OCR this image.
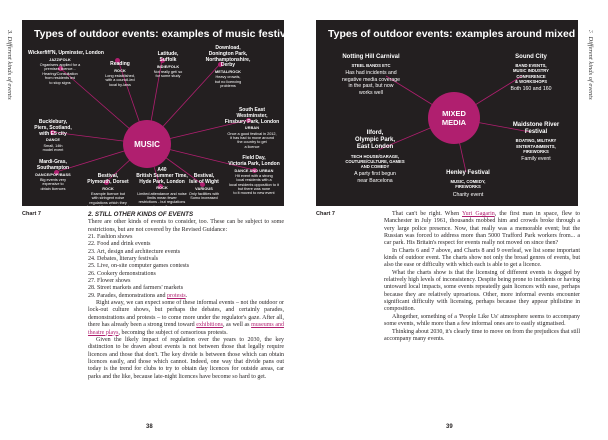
3. Different kinds of events Types of outdoor events: examples of music festivals
MUSIC
Wickerfiff'N, Upminster, London
JAZZ/FOLK
Organisers applied for a
premises licence...
Hearing/Consultation
from residents led
to stop signs
Reading
ROCK
Long established,
with a council-led
local by-laws
Latitude,
Suffolk
INDIE/FOLK
Not really get/ so
for some study
Download,
Donington Park,
Northamptonshire,
Derby
METAL/ROCK
Heavy crowds,
but no licencing
problems
South East
Westminster,
Finsbury Park, London
URBAN
Once a good festival in 2012,
it has had to move around
the country to get
a licence
Field Day,
Victoria Park, London
DANCE AND URBAN
Hit event with a strong
local residents with a
local residents opposition to it
but there was none
to it moved to new event
Bestival,
Isle of Wight
VARIOUS
Only facilities with
Somo increased
A40
British Summer Time,
Hyde Park, London
ROCK
Limited attendance and noise
limits mean fewer
restrictions - but regulations
get more fierce
Bestival,
Plymouth, Dorset
ROCK
Example licence but
with stringent noise
regulations which they
learned they do not meet
Mardi-Gras,
Southampton
DANCE/POP/BASS
Big events very
expensive to
obtain licences
Bucklebury,
Piers, Scotland,
with E5 city
DANCE
Small, 14th
model event
Chart 7	2. STILL OTHER KINDS OF EVENTS

There are other kinds of events to consider, too. These can be subject to some restrictions, but are not covered by the Revised Guidance:

21. Fashion shows
22. Food and drink events
23. Art, design and architecture events
24. Debates, literary festivals
25. Live, on-site computer games contests
26. Cookery demonstrations
27. Flower shows
28. Street markets and farmers' markets
29. Parades, demonstrations and protests.

Right away, we can expect some of these informal events – not the outdoor or lock-out culture shows, but perhaps the debates, and certainly parades, demonstrations and protests – to come more under the regulator's gaze. After all, there has already been a strong trend toward exhibitions, as well as museums and theatre plays, becoming the subject of censorious protests.

Given the likely impact of regulation over the years to 2030, the key distinction to be drawn about events is not between those that legally require licences and those that don't. The key divide is between those which can obtain licences easily, and those which cannot. Indeed, one way that divide pans out today is the trend for clubs to try to obtain day licences for outside areas, car parks and the like, because late-night licences have become so hard to get.

38
3. Different kinds of events
Types of outdoor events: examples around mixed media
MIXED
MEDIA
Notting Hill Carnival
STEEL BANDS ETC
Has had incidents and
negative media coverage
in the past, but now
works well
Sound City
BAND EVENTS,
MUSIC INDUSTRY
CONFERENCE
& WORKSHOPS
Both 160 and 160
Maidstone River
Festival
BOATING, MILITARY
ENTERTAINMENTS,
FIREWORKS
Family event
Henley Festival
MUSIC, COMEDY,
FIREWORKS
Charity event
Ilford,
Olympic Park,
East London
TECH HOUSE/GARAGE,
COUTURE/CULTURE, GAMES
AND COMEDY
A party first begun
near Barcelona
Chart 7	That can't be right. When Yuri Gagarin, the first man in space, flew to Manchester in July 1961, thousands mobbed him and crowds broke through a very large police presence. Now, that really was a memorable event; but the Russian was forced to address more than 5000 Trafford Park workers from... a car park. His Britain's respect for events really not moved on since then?

In Charts 6 and 7 above, and Charts 8 and 9 overleaf, we list some important kinds of outdoor event. The charts show not only the broad genres of events, but also the ease or difficulty with which each is able to get a licence.

What the charts show is that the licensing of different events is dogged by relatively high levels of inconsistency. Despite being prone to incidents or having untoward local impacts, some events repeatedly gain licences with ease, perhaps because they are relatively uproarious. Other, more informal events encounter significant difficulty with licensing, perhaps because they appear philistine in composition.

Altogether, something of a 'People Like Us' atmosphere seems to accompany some events, while more than a few informal ones are to easily stigmatised.

Thinking about 2030, it's clearly time to move on from the prejudices that still accompany many events.

39
